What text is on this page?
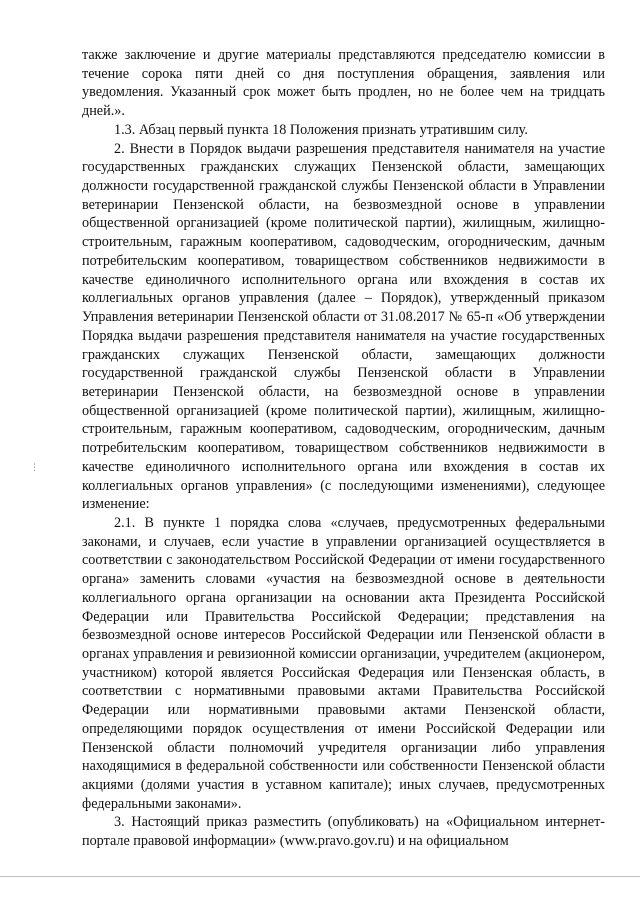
также заключение и другие материалы представляются председателю комиссии в течение сорока пяти дней со дня поступления обращения, заявления или уведомления. Указанный срок может быть продлен, но не более чем на тридцать дней.».

1.3. Абзац первый пункта 18 Положения признать утратившим силу.

2. Внести в Порядок выдачи разрешения представителя нанимателя на участие государственных гражданских служащих Пензенской области, замещающих должности государственной гражданской службы Пензенской области в Управлении ветеринарии Пензенской области, на безвозмездной основе в управлении общественной организацией (кроме политической партии), жилищным, жилищно-строительным, гаражным кооперативом, садоводческим, огородническим, дачным потребительским кооперативом, товариществом собственников недвижимости в качестве единоличного исполнительного органа или вхождения в состав их коллегиальных органов управления (далее – Порядок), утвержденный приказом Управления ветеринарии Пензенской области от 31.08.2017 № 65-п «Об утверждении Порядка выдачи разрешения представителя нанимателя на участие государственных гражданских служащих Пензенской области, замещающих должности государственной гражданской службы Пензенской области в Управлении ветеринарии Пензенской области, на безвозмездной основе в управлении общественной организацией (кроме политической партии), жилищным, жилищно-строительным, гаражным кооперативом, садоводческим, огородническим, дачным потребительским кооперативом, товариществом собственников недвижимости в качестве единоличного исполнительного органа или вхождения в состав их коллегиальных органов управления» (с последующими изменениями), следующее изменение:

2.1. В пункте 1 порядка слова «случаев, предусмотренных федеральными законами, и случаев, если участие в управлении организацией осуществляется в соответствии с законодательством Российской Федерации от имени государственного органа» заменить словами «участия на безвозмездной основе в деятельности коллегиального органа организации на основании акта Президента Российской Федерации или Правительства Российской Федерации; представления на безвозмездной основе интересов Российской Федерации или Пензенской области в органах управления и ревизионной комиссии организации, учредителем (акционером, участником) которой является Российская Федерация или Пензенская область, в соответствии с нормативными правовыми актами Правительства Российской Федерации или нормативными правовыми актами Пензенской области, определяющими порядок осуществления от имени Российской Федерации или Пензенской области полномочий учредителя организации либо управления находящимися в федеральной собственности или собственности Пензенской области акциями (долями участия в уставном капитале); иных случаев, предусмотренных федеральными законами».

3. Настоящий приказ разместить (опубликовать) на «Официальном интернет-портале правовой информации» (www.pravo.gov.ru) и на официальном

⋮
